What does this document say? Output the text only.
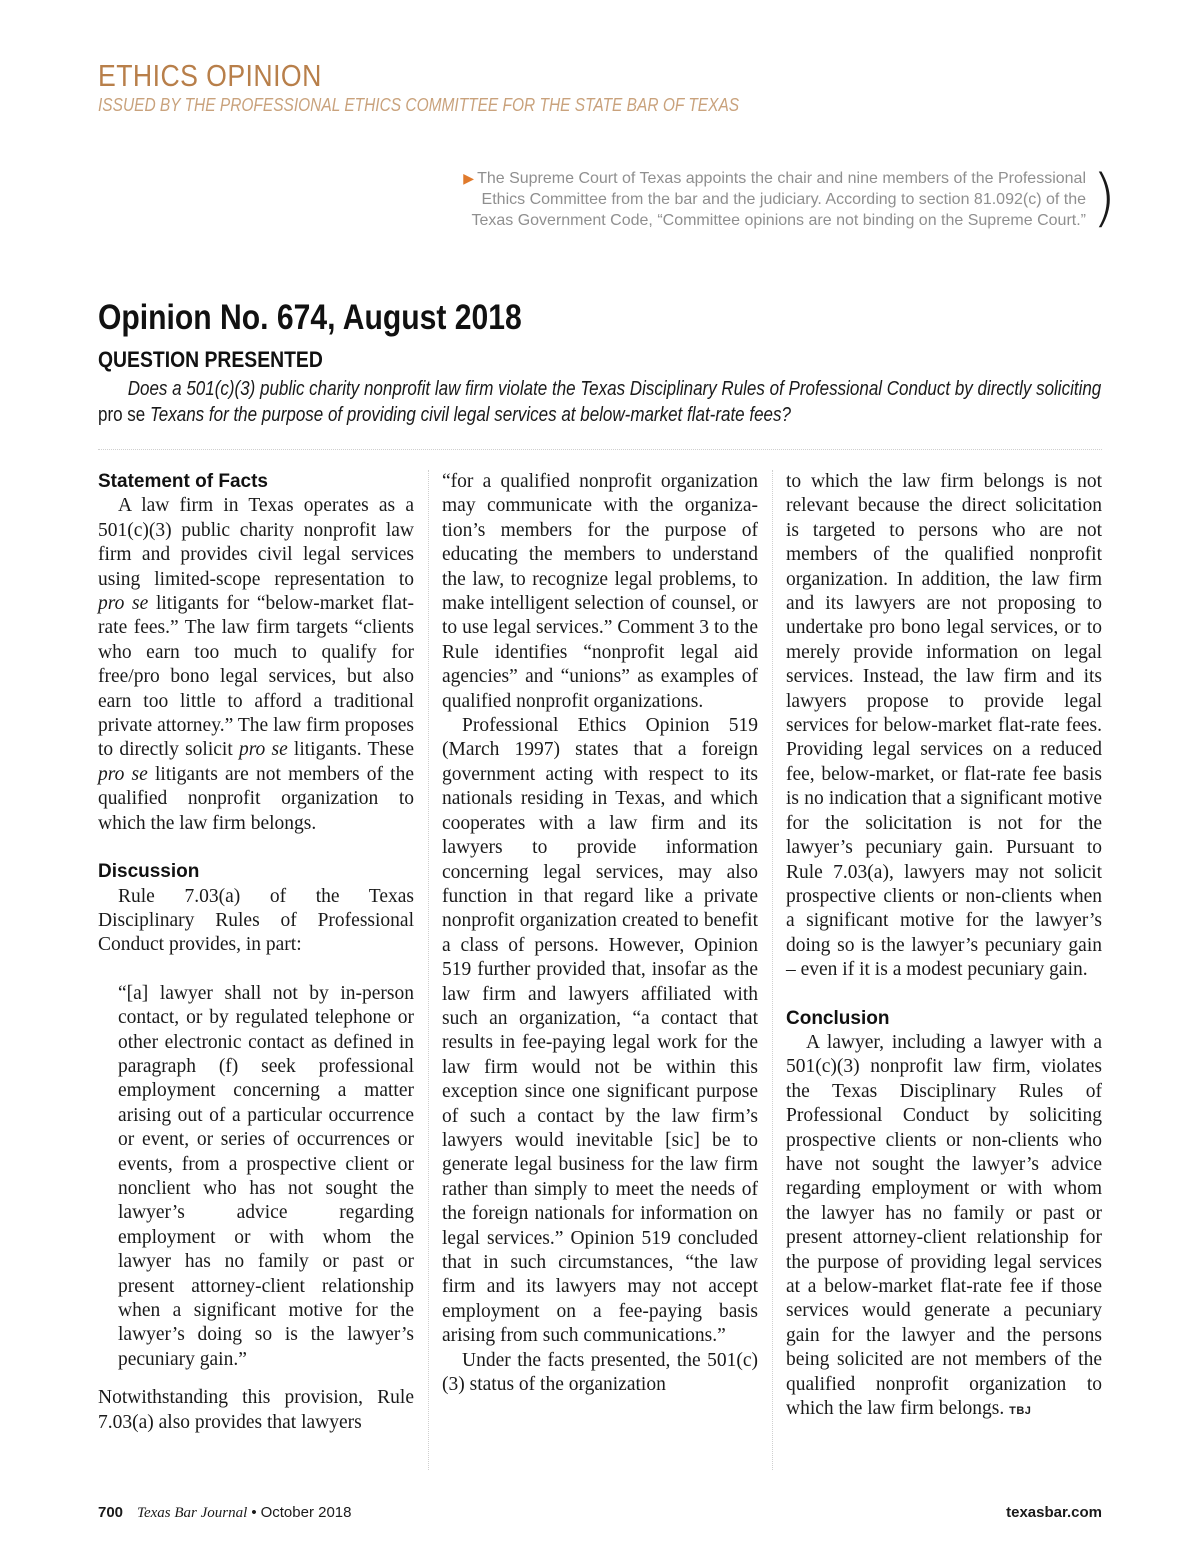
ETHICS OPINION
ISSUED BY THE PROFESSIONAL ETHICS COMMITTEE FOR THE STATE BAR OF TEXAS
▶ The Supreme Court of Texas appoints the chair and nine members of the Professional
Ethics Committee from the bar and the judiciary. According to section 81.092(c) of the
Texas Government Code, “Committee opinions are not binding on the Supreme Court.” )
Opinion No. 674, August 2018
QUESTION PRESENTED
Does a 501(c)(3) public charity nonprofit law firm violate the Texas Disciplinary Rules of Professional Conduct by directly soliciting
pro se Texans for the purpose of providing civil legal services at below-market flat-rate fees?

Statement of Facts

A law firm in Texas operates as a 501(c)(3) public charity nonprofit law firm and provides civil legal services using limited-scope representation to pro se litigants for “below-market flat-rate fees.” The law firm targets “clients who earn too much to qualify for free/pro bono legal services, but also earn too little to afford a traditional private attorney.” The law firm proposes to directly solicit pro se litigants. These pro se litigants are not members of the qualified nonprofit organization to which the law firm belongs.

Discussion

Rule 7.03(a) of the Texas Disciplinary Rules of Professional Conduct provides, in part:

“[a] lawyer shall not by in-person contact, or by regulated telephone or other electronic contact as defined in paragraph (f) seek professional employment concerning a matter arising out of a particular occurrence or event, or series of occurrences or events, from a prospective client or nonclient who has not sought the lawyer’s advice regarding employment or with whom the lawyer has no family or past or present attorney-client relationship when a significant motive for the lawyer’s doing so is the lawyer’s pecuniary gain.”

Notwithstanding this provision, Rule 7.03(a) also provides that lawyers

“for a qualified nonprofit organization may communicate with the organization’s members for the purpose of educating the members to understand the law, to recognize legal problems, to make intelligent selection of counsel, or to use legal services.” Comment 3 to the Rule identifies “nonprofit legal aid agencies” and “unions” as examples of qualified nonprofit organizations.

Professional Ethics Opinion 519 (March 1997) states that a foreign government acting with respect to its nationals residing in Texas, and which cooperates with a law firm and its lawyers to provide information concerning legal services, may also function in that regard like a private nonprofit organization created to benefit a class of persons. However, Opinion 519 further provided that, insofar as the law firm and lawyers affiliated with such an organization, “a contact that results in fee-paying legal work for the law firm would not be within this exception since one significant purpose of such a contact by the law firm’s lawyers would inevitable [sic] be to generate legal business for the law firm rather than simply to meet the needs of the foreign nationals for information on legal services.” Opinion 519 concluded that in such circumstances, “the law firm and its lawyers may not accept employment on a fee-paying basis arising from such communications.”

Under the facts presented, the 501(c)(3) status of the organization

to which the law firm belongs is not relevant because the direct solicitation is targeted to persons who are not members of the qualified nonprofit organization. In addition, the law firm and its lawyers are not proposing to undertake pro bono legal services, or to merely provide information on legal services. Instead, the law firm and its lawyers propose to provide legal services for below-market flat-rate fees. Providing legal services on a reduced fee, below-market, or flat-rate fee basis is no indication that a significant motive for the solicitation is not for the lawyer’s pecuniary gain. Pursuant to Rule 7.03(a), lawyers may not solicit prospective clients or non-clients when a significant motive for the lawyer’s doing so is the lawyer’s pecuniary gain – even if it is a modest pecuniary gain.

Conclusion

A lawyer, including a lawyer with a 501(c)(3) nonprofit law firm, violates the Texas Disciplinary Rules of Professional Conduct by soliciting prospective clients or non-clients who have not sought the lawyer’s advice regarding employment or with whom the lawyer has no family or past or present attorney-client relationship for the purpose of providing legal services at a below-market flat-rate fee if those services would generate a pecuniary gain for the lawyer and the persons being solicited are not members of the qualified nonprofit organization to which the law firm belongs. TBJ

700 Texas Bar Journal • October 2018	texasbar.com
